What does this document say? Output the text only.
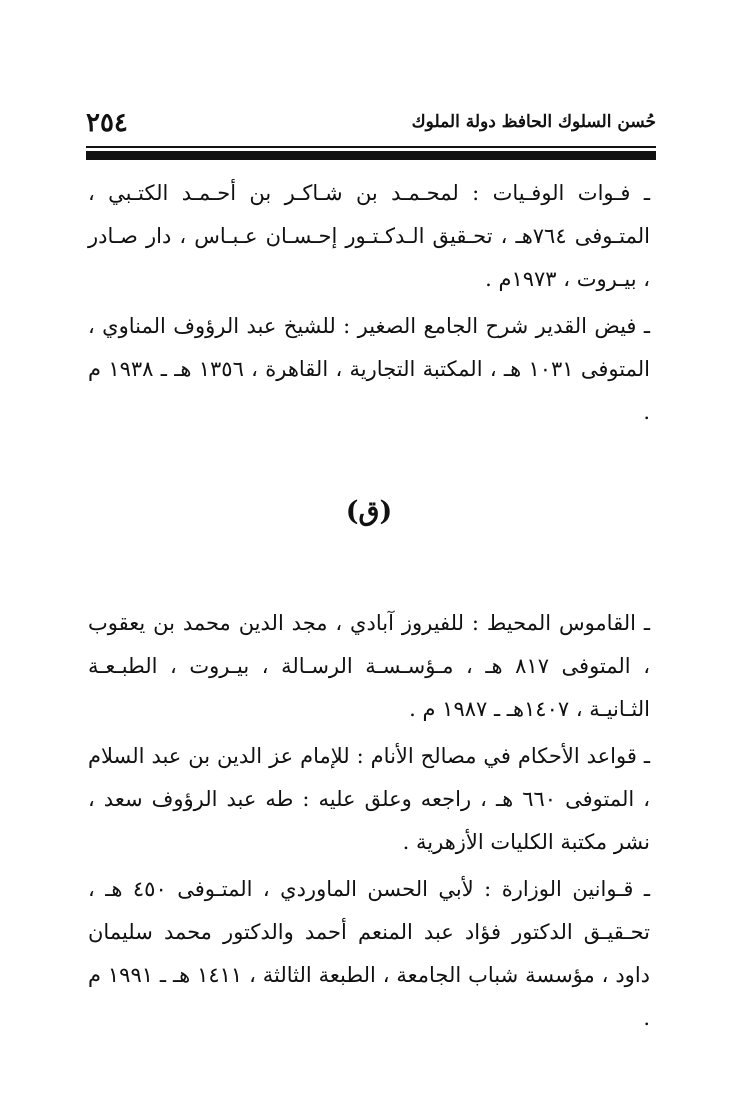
حُسن السلوك الحافظ دولة الملوك
٢٥٤

ـ فـوات الوفـيات : لمحـمـد بن شـاكـر بن أحـمـد الكتـبي ، المتـوفى ٧٦٤هـ ، تحـقيق الـدكـتـور إحـسـان عـبـاس ، دار صـادر ، بيـروت ، ١٩٧٣م .

ـ فيض القدير شرح الجامع الصغير : للشيخ عبد الرؤوف المناوي ، المتوفى ١٠٣١ هـ ، المكتبة التجارية ، القاهرة ، ١٣٥٦ هـ ـ ١٩٣٨ م .

(ق)

ـ القاموس المحيط : للفيروز آبادي ، مجد الدين محمد بن يعقوب ، المتوفى ٨١٧ هـ ، مـؤسـسـة الرسـالة ، بيـروت ، الطبـعـة الثـانيـة ، ١٤٠٧هـ ـ ١٩٨٧ م .

ـ قواعد الأحكام في مصالح الأنام : للإمام عز الدين بن عبد السلام ، المتوفى ٦٦٠ هـ ، راجعه وعلق عليه : طه عبد الرؤوف سعد ، نشر مكتبة الكليات الأزهرية .

ـ قـوانين الوزارة : لأبي الحسن الماوردي ، المتـوفى ٤٥٠ هـ ، تحـقيـق الدكتور فؤاد عبد المنعم أحمد والدكتور محمد سليمان داود ، مؤسسة شباب الجامعة ، الطبعة الثالثة ، ١٤١١ هـ ـ ١٩٩١ م .
